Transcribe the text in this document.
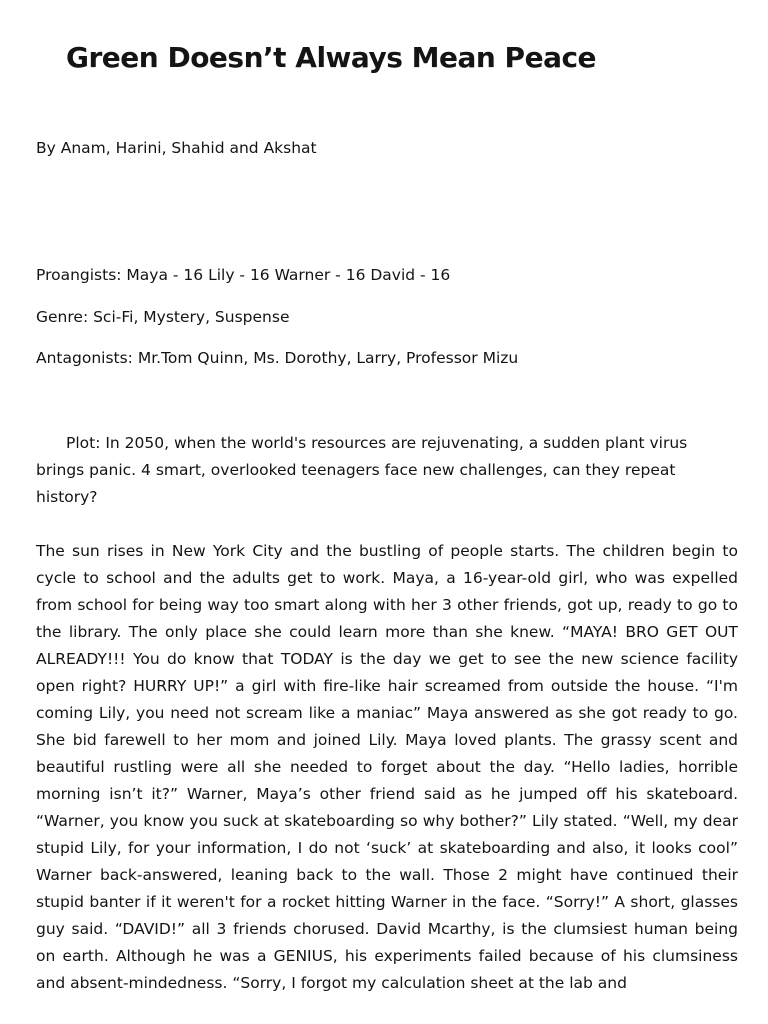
Green Doesn’t Always Mean Peace

By Anam, Harini, Shahid and Akshat

Proangists: Maya - 16 Lily - 16 Warner - 16 David - 16

Genre: Sci-Fi, Mystery, Suspense

Antagonists: Mr.Tom Quinn, Ms. Dorothy, Larry, Professor Mizu

Plot: In 2050, when the world's resources are rejuvenating, a sudden plant virus brings panic. 4 smart, overlooked teenagers face new challenges, can they repeat history?

The sun rises in New York City and the bustling of people starts. The children begin to cycle to school and the adults get to work. Maya, a 16-year-old girl, who was expelled from school for being way too smart along with her 3 other friends, got up, ready to go to the library. The only place she could learn more than she knew. “MAYA! BRO GET OUT ALREADY!!! You do know that TODAY is the day we get to see the new science facility open right? HURRY UP!” a girl with fire-like hair screamed from outside the house. “I'm coming Lily, you need not scream like a maniac” Maya answered as she got ready to go. She bid farewell to her mom and joined Lily. Maya loved plants. The grassy scent and beautiful rustling were all she needed to forget about the day. “Hello ladies, horrible morning isn’t it?” Warner, Maya’s other friend said as he jumped off his skateboard. “Warner, you know you suck at skateboarding so why bother?” Lily stated. “Well, my dear stupid Lily, for your information, I do not ‘suck’ at skateboarding and also, it looks cool” Warner back-answered, leaning back to the wall. Those 2 might have continued their stupid banter if it weren't for a rocket hitting Warner in the face. “Sorry!” A short, glasses guy said. “DAVID!” all 3 friends chorused. David Mcarthy, is the clumsiest human being on earth. Although he was a GENIUS, his experiments failed because of his clumsiness and absent-mindedness. “Sorry, I forgot my calculation sheet at the lab and
